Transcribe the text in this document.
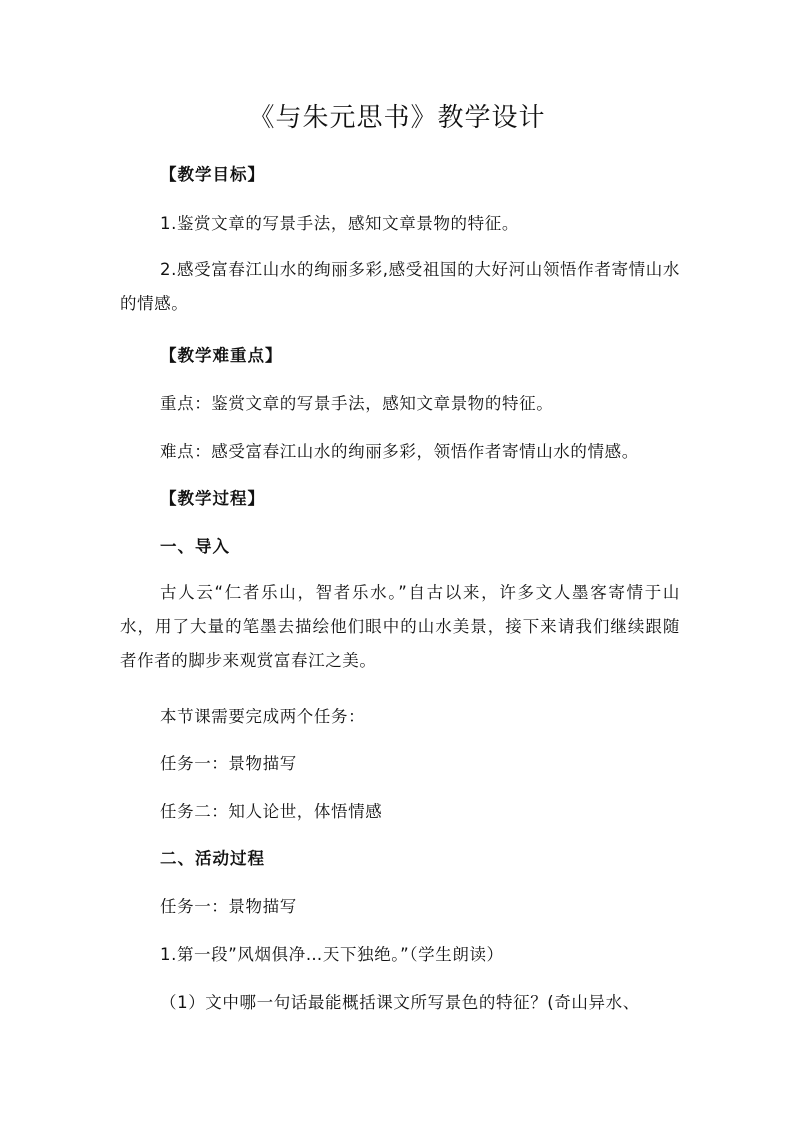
《与朱元思书》教学设计
【教学目标】
1.鉴赏文章的写景手法，感知文章景物的特征。

2.感受富春江山水的绚丽多彩,感受祖国的大好河山领悟作者寄情山水的情感。

【教学难重点】
重点：鉴赏文章的写景手法，感知文章景物的特征。
难点：感受富春江山水的绚丽多彩，领悟作者寄情山水的情感。
【教学过程】
一、导入

古人云“仁者乐山，智者乐水。”自古以来，许多文人墨客寄情于山水，用了大量的笔墨去描绘他们眼中的山水美景，接下来请我们继续跟随者作者的脚步来观赏富春江之美。

本节课需要完成两个任务：
任务一：景物描写
任务二：知人论世，体悟情感
二、活动过程
任务一：景物描写
1.第一段”风烟俱净…天下独绝。”（学生朗读）
（1）文中哪一句话最能概括课文所写景色的特征？(奇山异水、
